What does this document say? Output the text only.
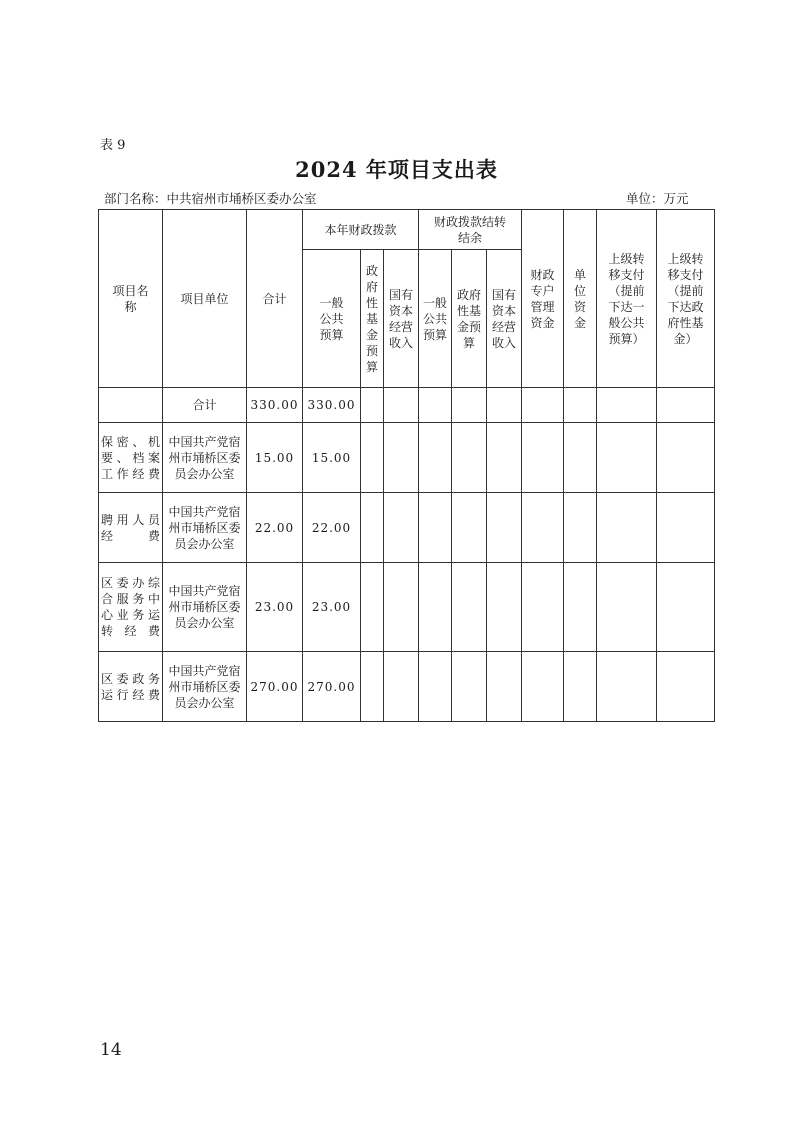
表 9
2024 年项目支出表
部门名称：中共宿州市埇桥区委办公室	单位：万元
项目名称	项目单位	合计	本年财政拨款			财政拨款结转结余			财政专户管理资金	单位资金	上级转移支付（提前下达一般公共预算）	上级转移支付（提前下达政府性基金）

			一般公共预算	政府性基金预算	国有资本经营收入	一般公共预算	政府性基金预算	国有资本经营收入				

	合计	330.00	330.00									

保密、机要、档案工作经费	中国共产党宿州市埇桥区委员会办公室	15.00	15.00									

聘用人员经费	中国共产党宿州市埇桥区委员会办公室	22.00	22.00									

区委办综合服务中心业务运转经费	中国共产党宿州市埇桥区委员会办公室	23.00	23.00									

区委政务运行经费	中国共产党宿州市埇桥区委员会办公室	270.00	270.00									
14
